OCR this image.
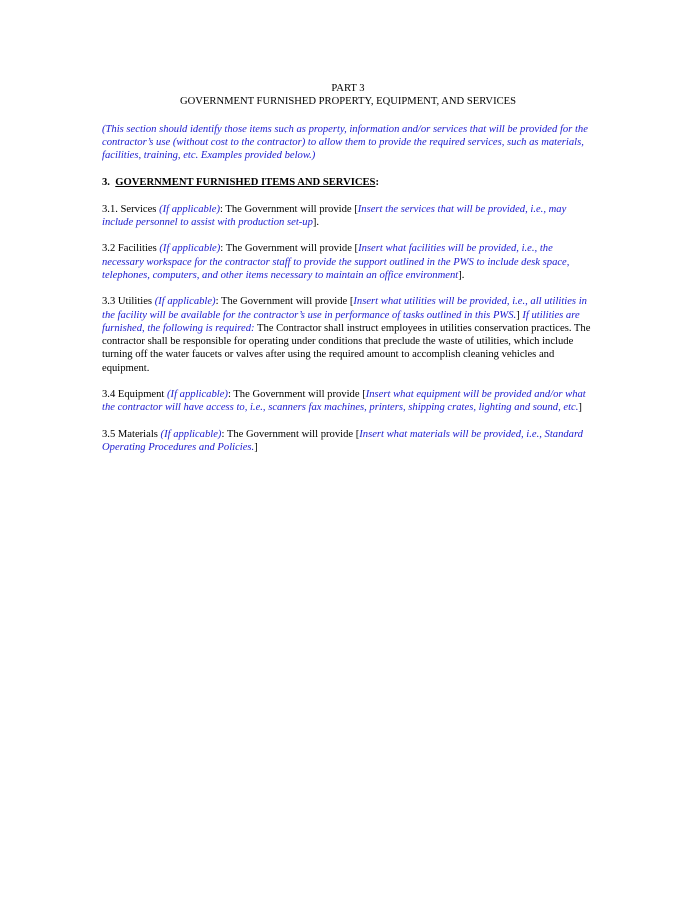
PART 3

GOVERNMENT FURNISHED PROPERTY, EQUIPMENT, AND SERVICES

(This section should identify those items such as property, information and/or services that will be provided for the contractor’s use (without cost to the contractor) to allow them to provide the required services, such as materials, facilities, training, etc. Examples provided below.)

3. GOVERNMENT FURNISHED ITEMS AND SERVICES:

3.1. Services (If applicable): The Government will provide [Insert the services that will be provided, i.e., may include personnel to assist with production set-up].

3.2 Facilities (If applicable): The Government will provide [Insert what facilities will be provided, i.e., the necessary workspace for the contractor staff to provide the support outlined in the PWS to include desk space, telephones, computers, and other items necessary to maintain an office environment].

3.3 Utilities (If applicable): The Government will provide [Insert what utilities will be provided, i.e., all utilities in the facility will be available for the contractor’s use in performance of tasks outlined in this PWS.] If utilities are furnished, the following is required: The Contractor shall instruct employees in utilities conservation practices. The contractor shall be responsible for operating under conditions that preclude the waste of utilities, which include turning off the water faucets or valves after using the required amount to accomplish cleaning vehicles and equipment.

3.4 Equipment (If applicable): The Government will provide [Insert what equipment will be provided and/or what the contractor will have access to, i.e., scanners fax machines, printers, shipping crates, lighting and sound, etc.]

3.5 Materials (If applicable): The Government will provide [Insert what materials will be provided, i.e., Standard Operating Procedures and Policies.]
